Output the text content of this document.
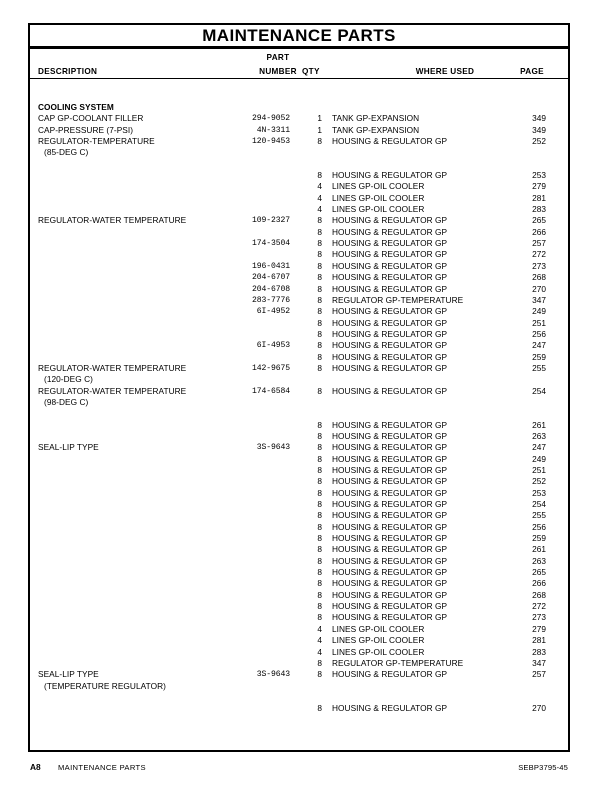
MAINTENANCE PARTS
DESCRIPTION
PART
NUMBER QTY	WHERE USED	PAGE
COOLING SYSTEM
CAP GP-COOLANT FILLER	294-9052	1 TANK GP-EXPANSION	349
CAP-PRESSURE (7-PSI)	4N-3311	1 TANK GP-EXPANSION	349
REGULATOR-TEMPERATURE	120-9453	8 HOUSING & REGULATOR GP	252
(85-DEG C)
8 HOUSING & REGULATOR GP	253
4 LINES GP-OIL COOLER	279
4 LINES GP-OIL COOLER	281
4 LINES GP-OIL COOLER	283
REGULATOR-WATER TEMPERATURE	109-2327	8 HOUSING & REGULATOR GP	265
8 HOUSING & REGULATOR GP	266
174-3504	8 HOUSING & REGULATOR GP	257
8 HOUSING & REGULATOR GP	272
196-0431	8 HOUSING & REGULATOR GP	273
204-6707	8 HOUSING & REGULATOR GP	268
204-6708	8 HOUSING & REGULATOR GP	270
283-7776	8 REGULATOR GP-TEMPERATURE	347
6I-4952	8 HOUSING & REGULATOR GP	249
8 HOUSING & REGULATOR GP	251
8 HOUSING & REGULATOR GP	256
6I-4953	8 HOUSING & REGULATOR GP	247
8 HOUSING & REGULATOR GP	259
REGULATOR-WATER TEMPERATURE	142-9675	8 HOUSING & REGULATOR GP	255
(120-DEG C)
REGULATOR-WATER TEMPERATURE	174-6584	8 HOUSING & REGULATOR GP	254
(98-DEG C)
8 HOUSING & REGULATOR GP	261
8 HOUSING & REGULATOR GP	263
SEAL-LIP TYPE	3S-9643	8 HOUSING & REGULATOR GP	247
8 HOUSING & REGULATOR GP	249
8 HOUSING & REGULATOR GP	251
8 HOUSING & REGULATOR GP	252
8 HOUSING & REGULATOR GP	253
8 HOUSING & REGULATOR GP	254
8 HOUSING & REGULATOR GP	255
8 HOUSING & REGULATOR GP	256
8 HOUSING & REGULATOR GP	259
8 HOUSING & REGULATOR GP	261
8 HOUSING & REGULATOR GP	263
8 HOUSING & REGULATOR GP	265
8 HOUSING & REGULATOR GP	266
8 HOUSING & REGULATOR GP	268
8 HOUSING & REGULATOR GP	272
8 HOUSING & REGULATOR GP	273
4 LINES GP-OIL COOLER	279
4 LINES GP-OIL COOLER	281
4 LINES GP-OIL COOLER	283
8 REGULATOR GP-TEMPERATURE	347
SEAL-LIP TYPE	3S-9643	8 HOUSING & REGULATOR GP	257
(TEMPERATURE REGULATOR)
8 HOUSING & REGULATOR GP	270
A8 MAINTENANCE PARTS	SEBP3795-45
